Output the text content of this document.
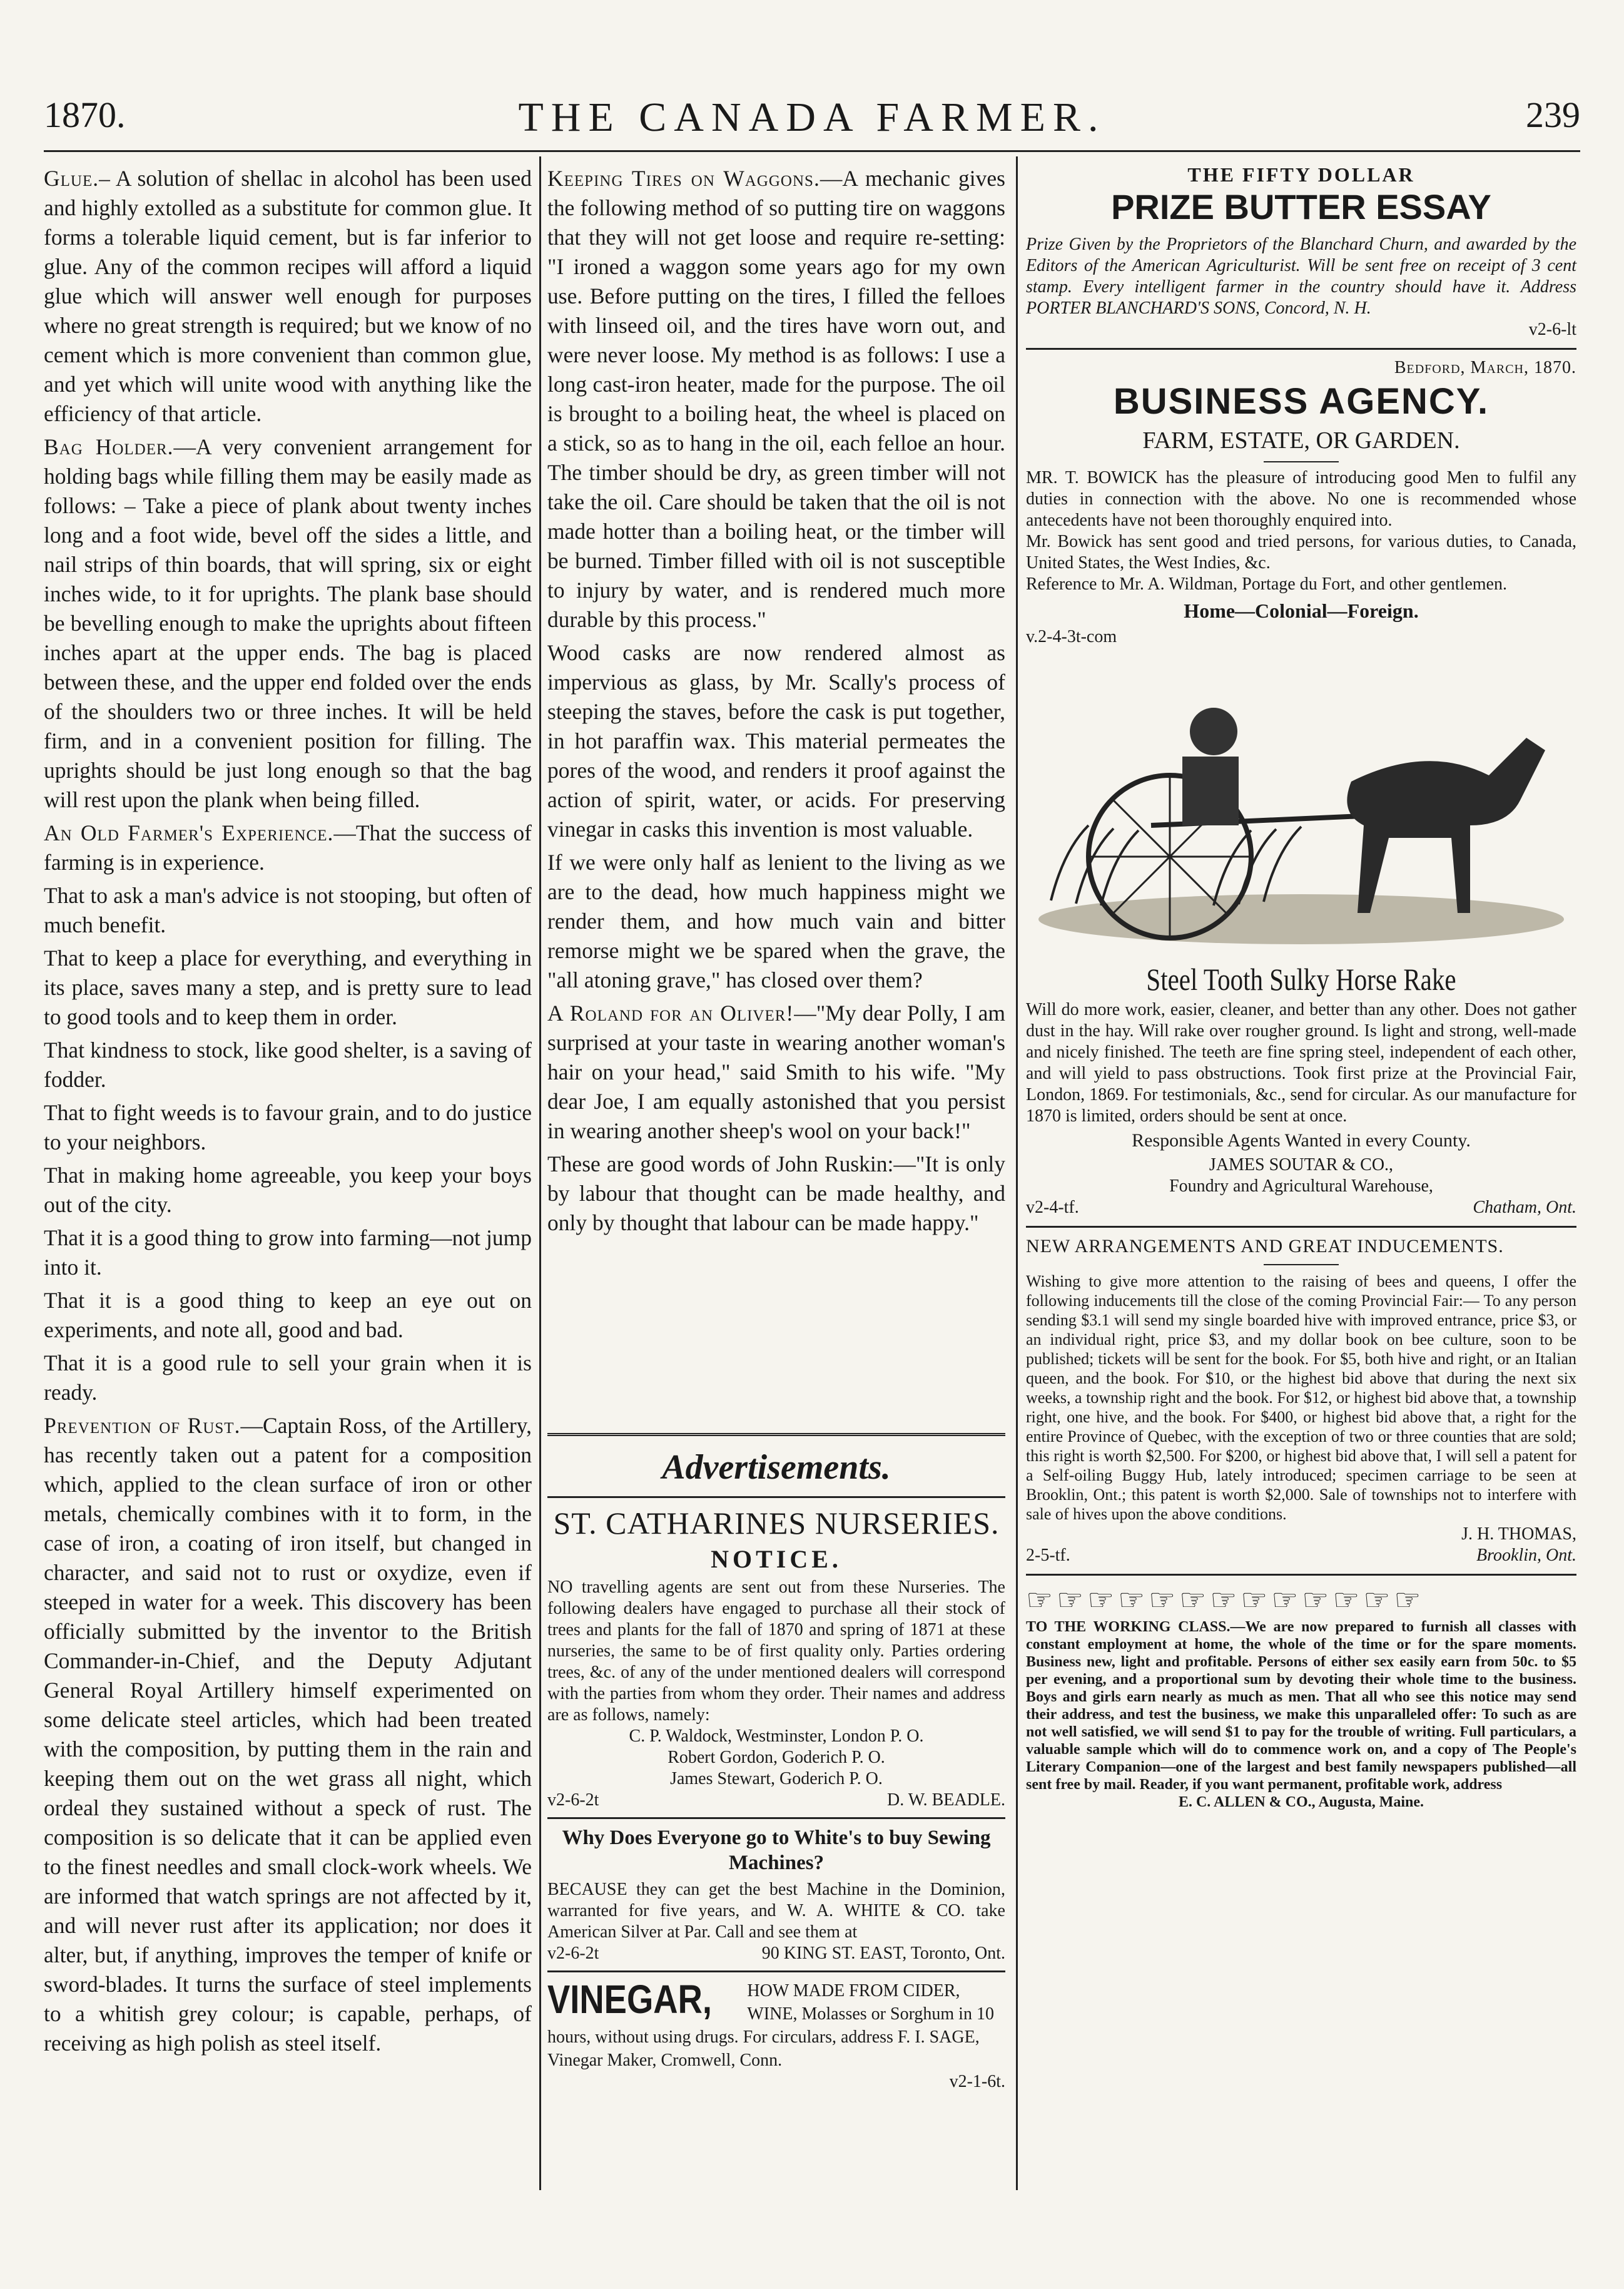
1870.	THE CANADA FARMER.	239

Glue.– A solution of shellac in alcohol has been used and highly extolled as a substitute for common glue. It forms a tolerable liquid cement, but is far inferior to glue. Any of the common recipes will afford a liquid glue which will answer well enough for purposes where no great strength is required; but we know of no cement which is more convenient than common glue, and yet which will unite wood with anything like the efficiency of that article.

Bag Holder.—A very convenient arrangement for holding bags while filling them may be easily made as follows: – Take a piece of plank about twenty inches long and a foot wide, bevel off the sides a little, and nail strips of thin boards, that will spring, six or eight inches wide, to it for uprights. The plank base should be bevelling enough to make the uprights about fifteen inches apart at the upper ends. The bag is placed between these, and the upper end folded over the ends of the shoulders two or three inches. It will be held firm, and in a convenient position for filling. The uprights should be just long enough so that the bag will rest upon the plank when being filled.

An Old Farmer's Experience.—That the success of farming is in experience.

That to ask a man's advice is not stooping, but often of much benefit.

That to keep a place for everything, and everything in its place, saves many a step, and is pretty sure to lead to good tools and to keep them in order.

That kindness to stock, like good shelter, is a saving of fodder.

That to fight weeds is to favour grain, and to do justice to your neighbors.

That in making home agreeable, you keep your boys out of the city.

That it is a good thing to grow into farming—not jump into it.

That it is a good thing to keep an eye out on experiments, and note all, good and bad.

That it is a good rule to sell your grain when it is ready.

Prevention of Rust.—Captain Ross, of the Artillery, has recently taken out a patent for a composition which, applied to the clean surface of iron or other metals, chemically combines with it to form, in the case of iron, a coating of iron itself, but changed in character, and said not to rust or oxydize, even if steeped in water for a week. This discovery has been officially submitted by the inventor to the British Commander-in-Chief, and the Deputy Adjutant General Royal Artillery himself experimented on some delicate steel articles, which had been treated with the composition, by putting them in the rain and keeping them out on the wet grass all night, which ordeal they sustained without a speck of rust. The composition is so delicate that it can be applied even to the finest needles and small clock-work wheels. We are informed that watch springs are not affected by it, and will never rust after its application; nor does it alter, but, if anything, improves the temper of knife or sword-blades. It turns the surface of steel implements to a whitish grey colour; is capable, perhaps, of receiving as high polish as steel itself.

Keeping Tires on Waggons.—A mechanic gives the following method of so putting tire on waggons that they will not get loose and require re-setting: "I ironed a waggon some years ago for my own use. Before putting on the tires, I filled the felloes with linseed oil, and the tires have worn out, and were never loose. My method is as follows: I use a long cast-iron heater, made for the purpose. The oil is brought to a boiling heat, the wheel is placed on a stick, so as to hang in the oil, each felloe an hour. The timber should be dry, as green timber will not take the oil. Care should be taken that the oil is not made hotter than a boiling heat, or the timber will be burned. Timber filled with oil is not susceptible to injury by water, and is rendered much more durable by this process."

Wood casks are now rendered almost as impervious as glass, by Mr. Scally's process of steeping the staves, before the cask is put together, in hot paraffin wax. This material permeates the pores of the wood, and renders it proof against the action of spirit, water, or acids. For preserving vinegar in casks this invention is most valuable.

If we were only half as lenient to the living as we are to the dead, how much happiness might we render them, and how much vain and bitter remorse might we be spared when the grave, the "all atoning grave," has closed over them?

A Roland for an Oliver!—"My dear Polly, I am surprised at your taste in wearing another woman's hair on your head," said Smith to his wife. "My dear Joe, I am equally astonished that you persist in wearing another sheep's wool on your back!"

These are good words of John Ruskin:—"It is only by labour that thought can be made healthy, and only by thought that labour can be made happy."

Advertisements.
ST. CATHARINES NURSERIES.
NOTICE.
NO travelling agents are sent out from these Nurseries. The following dealers have engaged to purchase all their stock of trees and plants for the fall of 1870 and spring of 1871 at these nurseries, the same to be of first quality only. Parties ordering trees, &c. of any of the under mentioned dealers will correspond with the parties from whom they order. Their names and address are as follows, namely:
C. P. Waldock, Westminster, London P. O.
Robert Gordon, Goderich P. O.
James Stewart, Goderich P. O.
v2-6-2t	D. W. BEADLE.
Why Does Everyone go to White's to buy Sewing Machines?
BECAUSE they can get the best Machine in the Dominion, warranted for five years, and W. A. WHITE & CO. take American Silver at Par. Call and see them at
v2-6-2t	90 KING ST. EAST, Toronto, Ont.
VINEGAR, HOW MADE FROM CIDER, WINE, Molasses or Sorghum in 10 hours, without using drugs. For circulars, address F. I. SAGE, Vinegar Maker, Cromwell, Conn.
v2-1-6t.
THE FIFTY DOLLAR
PRIZE BUTTER ESSAY
Prize Given by the Proprietors of the Blanchard Churn, and awarded by the Editors of the American Agriculturist. Will be sent free on receipt of 3 cent stamp. Every intelligent farmer in the country should have it. Address PORTER BLANCHARD'S SONS, Concord, N. H.
v2-6-lt
Bedford, March, 1870.
BUSINESS AGENCY.
FARM, ESTATE, OR GARDEN.
MR. T. BOWICK has the pleasure of introducing good Men to fulfil any duties in connection with the above. No one is recommended whose antecedents have not been thoroughly enquired into.
Mr. Bowick has sent good and tried persons, for various duties, to Canada, United States, the West Indies, &c.
Reference to Mr. A. Wildman, Portage du Fort, and other gentlemen.
Home—Colonial—Foreign.
v.2-4-3t-com
Steel Tooth Sulky Horse Rake
Will do more work, easier, cleaner, and better than any other. Does not gather dust in the hay. Will rake over rougher ground. Is light and strong, well-made and nicely finished. The teeth are fine spring steel, independent of each other, and will yield to pass obstructions. Took first prize at the Provincial Fair, London, 1869. For testimonials, &c., send for circular. As our manufacture for 1870 is limited, orders should be sent at once.
Responsible Agents Wanted in every County.
JAMES SOUTAR & CO.,
Foundry and Agricultural Warehouse,
v2-4-tf.	Chatham, Ont.
NEW ARRANGEMENTS AND GREAT INDUCEMENTS.
Wishing to give more attention to the raising of bees and queens, I offer the following inducements till the close of the coming Provincial Fair:— To any person sending $3.1 will send my single boarded hive with improved entrance, price $3, or an individual right, price $3, and my dollar book on bee culture, soon to be published; tickets will be sent for the book. For $5, both hive and right, or an Italian queen, and the book. For $10, or the highest bid above that during the next six weeks, a township right and the book. For $12, or highest bid above that, a township right, one hive, and the book. For $400, or highest bid above that, a right for the entire Province of Quebec, with the exception of two or three counties that are sold; this right is worth $2,500. For $200, or highest bid above that, I will sell a patent for a Self-oiling Buggy Hub, lately introduced; specimen carriage to be seen at Brooklin, Ont.; this patent is worth $2,000. Sale of townships not to interfere with sale of hives upon the above conditions.
J. H. THOMAS,
2-5-tf.	Brooklin, Ont.
☞☞☞☞☞☞☞☞☞☞☞☞☞
TO THE WORKING CLASS.—We are now prepared to furnish all classes with constant employment at home, the whole of the time or for the spare moments. Business new, light and profitable. Persons of either sex easily earn from 50c. to $5 per evening, and a proportional sum by devoting their whole time to the business. Boys and girls earn nearly as much as men. That all who see this notice may send their address, and test the business, we make this unparalleled offer: To such as are not well satisfied, we will send $1 to pay for the trouble of writing. Full particulars, a valuable sample which will do to commence work on, and a copy of The People's Literary Companion—one of the largest and best family newspapers published—all sent free by mail. Reader, if you want permanent, profitable work, address
E. C. ALLEN & CO., Augusta, Maine.
